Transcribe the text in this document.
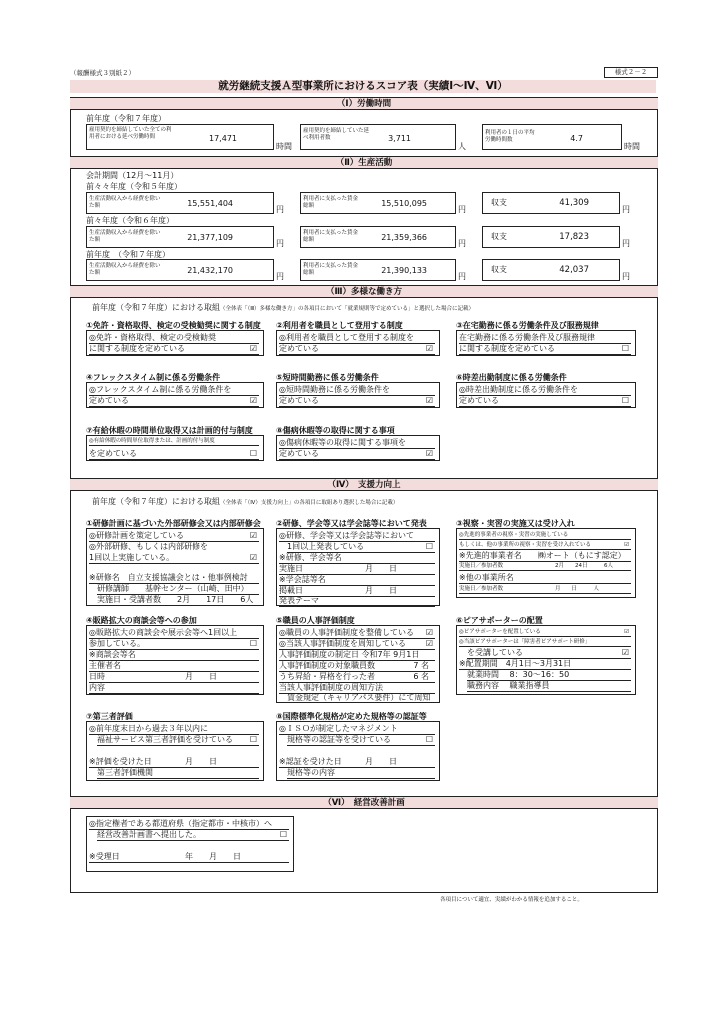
（報酬様式３別紙２）	様式２－２
就労継続支援Ａ型事業所におけるスコア表（実績Ⅰ～Ⅳ、Ⅵ）
（Ⅰ）労働時間
前年度（令和７年度）
雇用契約を締結していた全ての利用者における延べ労働時間	17,471
時間
雇用契約を締結していた延べ利用者数	3,711
人
利用者の１日の平均労働時間数	4.7
時間
（Ⅱ）生産活動
会計期間（12月～11月）
前々々年度（令和５年度）
生産活動収入から経費を除いた額	15,551,404
円
利用者に支払った賃金総額	15,510,095
円
収支	41,309
円
前々年度（令和６年度）
生産活動収入から経費を除いた額	21,377,109
円
利用者に支払った賃金総額	21,359,366
円
収支	17,823
円
前年度　（令和７年度）
生産活動収入から経費を除いた額	21,432,170
円
利用者に支払った賃金総額	21,390,133
円
収支	42,037
円
（Ⅲ）多様な働き方
前年度（令和７年度）における取組（全体表「（Ⅲ）多様な働き方」の各項目において「就業規則等で定めている」と選択した場合に記載）
①免許・資格取得、検定の受検勧奨に関する制度
◎免許・資格取得、検定の受検勧奨
に関する制度を定めている	☑
②利用者を職員として登用する制度
◎利用者を職員として登用する制度を
定めている	☑
③在宅勤務に係る労働条件及び服務規律
在宅勤務に係る労働条件及び服務規律
に関する制度を定めている	☐
④フレックスタイム制に係る労働条件
◎フレックスタイム制に係る労働条件を
定めている	☑
⑤短時間勤務に係る労働条件
◎短時間勤務に係る労働条件を
定めている	☑
⑥時差出勤制度に係る労働条件
◎時差出勤制度に係る労働条件を
定めている	☐
⑦有給休暇の時間単位取得又は計画的付与制度
◎有給休暇の時間単位取得または、計画的付与制度
を定めている	☐
⑧傷病休暇等の取得に関する事項
◎傷病休暇等の取得に関する事項を
定めている	☑
（Ⅳ）　支援力向上
前年度（令和７年度）における取組（全体表「（Ⅳ）支援力向上」の各項目に取組あり選択した場合に記載）
①研修計画に基づいた外部研修会又は内部研修会
◎研修計画を策定している	☑
◎外部研修、もしくは内部研修を
1回以上実施している。	☑
※研修名　自立支援協議会とは・他事例検討
研修講師　　基幹センター（山崎、田中）
実施日・受講者数　　2月　　17日　　6人
②研修、学会等又は学会誌等において発表
◎研修、学会等又は学会誌等において
1回以上発表している	☐
※研修、学会等名
実施日	月　　日
※学会誌等名
掲載日	月　　日
発表テーマ
③視察・実習の実施又は受け入れ
◎先進的事業者の視察・実習の実施している
もしくは、他の事業所の視察・実習を受け入れている	☑
※先進的事業者名　　㈱オート（もにす認定）
実施日／参加者数	2月　　24日　　　6人
※他の事業所名
実施日／参加者数	月　　日　　　人
④販路拡大の商談会等への参加
◎販路拡大の商談会や展示会等へ1回以上
参加している。	☐
※商談会等名
主催者名
日時	月　　日
内容
⑤職員の人事評価制度
◎職員の人事評価制度を整備している ☑
◎当該人事評価制度を周知している ☑
人事評価制度の制定日 令和7年 9月1日
人事評価制度の対象職員数	7 名
うち昇給・昇格を行った者	6 名
当該人事評価制度の周知方法
賃金規定（キャリアパス要件）にて周知
⑥ピアサポーターの配置
◎ピアサポーターを配置している	☑
◎当該ピアサポーターは「障害者ピアサポート研修」
を受講している	☑
※配置期間　4月1日～3月31日
就業時間　 8：30～16：50
職務内容　 職業指導員
⑦第三者評価
◎前年度末日から過去３年以内に
福祉サービス第三者評価を受けている ☐
※評価を受けた日	月　　日
第三者評価機関
⑧国際標準化規格が定めた規格等の認証等
◎ＩＳＯが制定したマネジメント
規格等の認証等を受けている	☐
※認証を受けた日	月　　日
規格等の内容
（Ⅵ）　経営改善計画
◎指定権者である都道府県（指定都市・中核市）へ
経営改善計画書へ提出した。	☐
※受理日	年　　月　　日
各項目について適宜、実績がわかる情報を追加すること。
